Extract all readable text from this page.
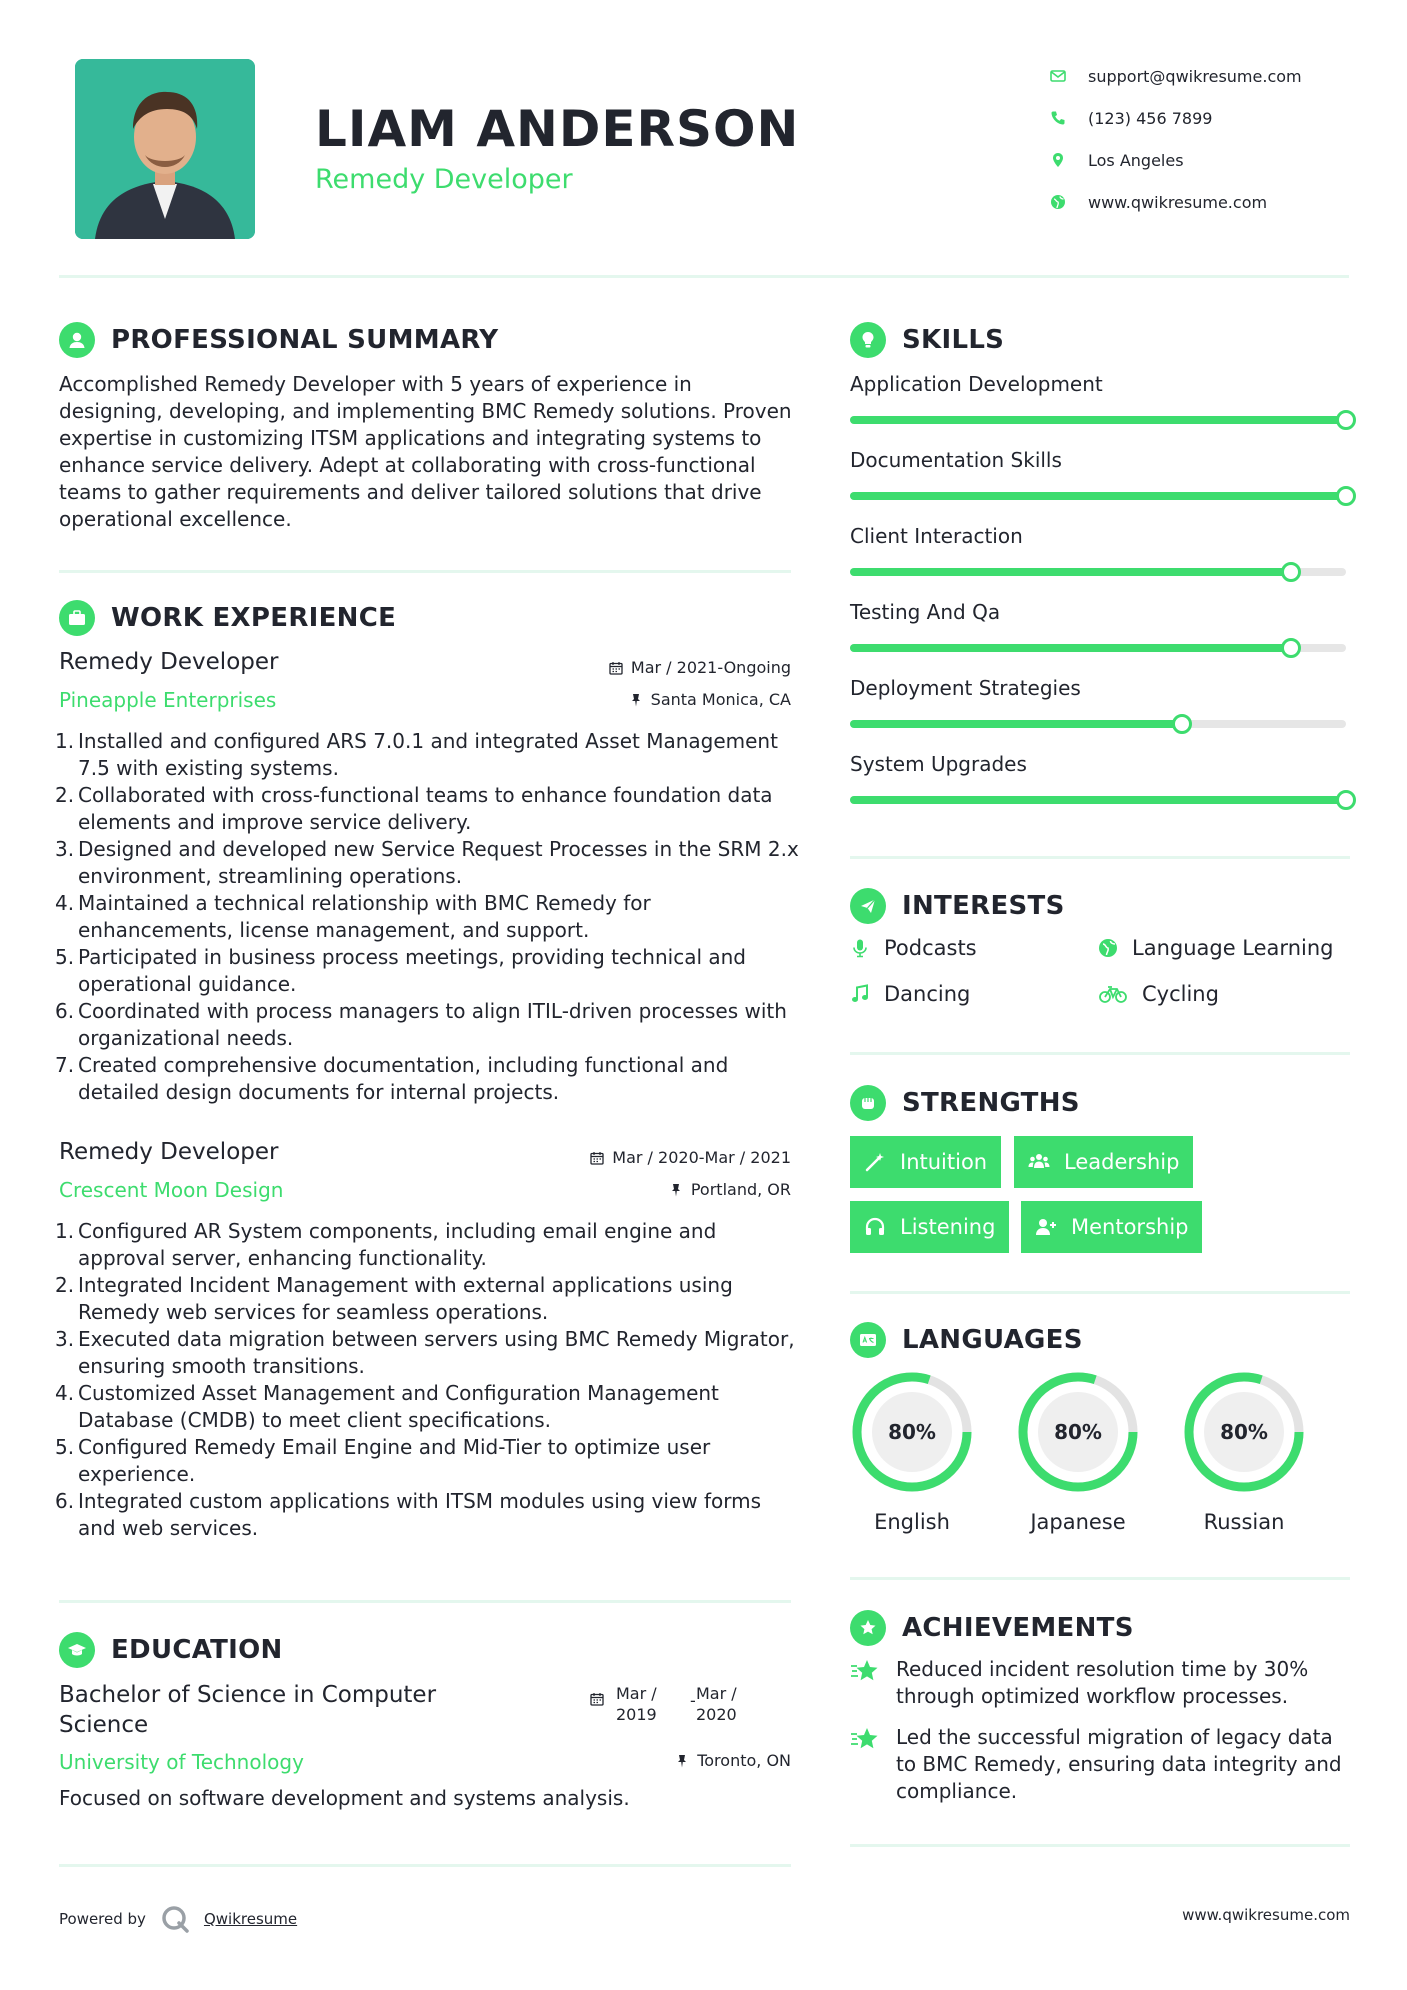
LIAM ANDERSON
Remedy Developer
support@qwikresume.com
(123) 456 7899
Los Angeles
www.qwikresume.com
PROFESSIONAL SUMMARY
Accomplished Remedy Developer with 5 years of experience in designing, developing, and implementing BMC Remedy solutions. Proven expertise in customizing ITSM applications and integrating systems to enhance service delivery. Adept at collaborating with cross-functional teams to gather requirements and deliver tailored solutions that drive operational excellence.
WORK EXPERIENCE
Remedy Developer	Mar / 2021-Ongoing
Pineapple Enterprises	Santa Monica, CA
1. Installed and configured ARS 7.0.1 and integrated Asset Management 7.5 with existing systems.
2. Collaborated with cross-functional teams to enhance foundation data elements and improve service delivery.
3. Designed and developed new Service Request Processes in the SRM 2.x environment, streamlining operations.
4. Maintained a technical relationship with BMC Remedy for enhancements, license management, and support.
5. Participated in business process meetings, providing technical and operational guidance.
6. Coordinated with process managers to align ITIL-driven processes with organizational needs.
7. Created comprehensive documentation, including functional and detailed design documents for internal projects.
Remedy Developer	Mar / 2020-Mar / 2021
Crescent Moon Design	Portland, OR
1. Configured AR System components, including email engine and approval server, enhancing functionality.
2. Integrated Incident Management with external applications using Remedy web services for seamless operations.
3. Executed data migration between servers using BMC Remedy Migrator, ensuring smooth transitions.
4. Customized Asset Management and Configuration Management Database (CMDB) to meet client specifications.
5. Configured Remedy Email Engine and Mid-Tier to optimize user experience.
6. Integrated custom applications with ITSM modules using view forms and web services.
EDUCATION
Bachelor of Science in Computer Science
Mar / 2019
- Mar / 2020
University of Technology	Toronto, ON
Focused on software development and systems analysis.
SKILLS
Application Development
Documentation Skills
Client Interaction
Testing And Qa
Deployment Strategies
System Upgrades
INTERESTS
Podcasts	Language Learning
Dancing	Cycling
STRENGTHS
Intuition	Leadership
Listening	Mentorship
LANGUAGES
80%
English
80%
Japanese
80%
Russian
ACHIEVEMENTS
Reduced incident resolution time by 30% through optimized workflow processes.
Led the successful migration of legacy data to BMC Remedy, ensuring data integrity and compliance.
Powered by	Qwikresume	www.qwikresume.com
